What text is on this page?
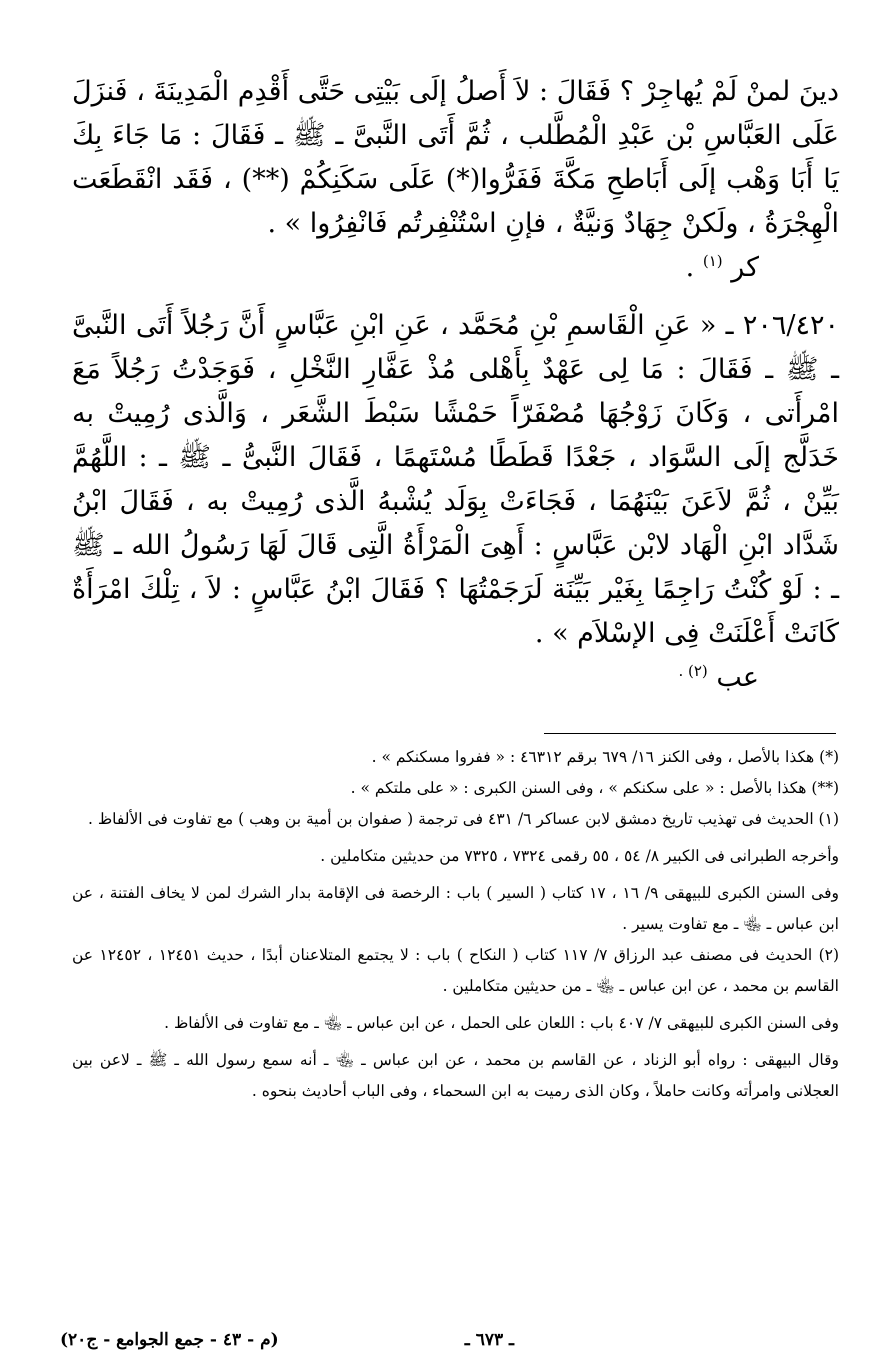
دينَ لمنْ لَمْ يُهاجِرْ ؟ فَقَالَ : لاَ أَصلُ إلَى بَيْتِى حَتَّى أَقْدِم الْمَدِينَةَ ، فَنزَلَ عَلَى العَبَّاسِ بْن عَبْدِ الْمُطَّلب ، ثُمَّ أَتَى النَّبىَّ ـ ﷺ ـ فَقَالَ : مَا جَاءَ بِكَ يَا أَبَا وَهْب إلَى أَبَاطحِ مَكَّةَ فَفَرُّوا(*) عَلَى سَكَنِكُمْ (**) ، فَقَد انْقَطَعَت الْهِجْرَةُ ، ولَكنْ جِهَادٌ وَنيَّةٌ ، فإنِ اسْتُنْفِرتُم فَانْفِرُوا » .

كر $^{(١)}$ .

٢٠٦/٤٢٠ ـ « عَنِ الْقَاسمِ بْنِ مُحَمَّد ، عَنِ ابْنِ عَبَّاسٍ أَنَّ رَجُلاً أَتَى النَّبىَّ ـ ﷺ ـ فَقَالَ : مَا لِى عَهْدٌ بِأَهْلى مُذْ عَفَّارِ النَّخْلِ ، فَوَجَدْتُ رَجُلاً مَعَ امْرأَتى ، وَكَانَ زَوْجُهَا مُصْفَرّاً حَمْشًا سَبْطَ الشَّعَر ، وَالَّذى رُمِيتْ به خَدَلَّج إلَى السَّوَاد ، جَعْدًا قَطَطًا مُسْتَهمًا ، فَقَالَ النَّبىُّ ـ ﷺ ـ : اللَّهُمَّ بَيِّنْ ، ثُمَّ لاَعَنَ بَيْنَهُمَا ، فَجَاءَتْ بِوَلَد يُشْبهُ الَّذى رُمِيتْ به ، فَقَالَ ابْنُ شَدَّاد ابْنِ الْهَاد لابْن عَبَّاسٍ : أَهِىَ الْمَرْأَةُ الَّتِى قَالَ لَهَا رَسُولُ الله ـ ﷺ ـ : لَوْ كُنْتُ رَاجِمًا بِغَيْر بَيِّنَة لَرَجَمْتُهَا ؟ فَقَالَ ابْنُ عَبَّاسٍ : لاَ ، تِلْكَ امْرَأَةٌ كَانَتْ أَعْلَنَتْ فِى الإسْلاَم » .

عب $^{(٢) .}$

(*) هكذا بالأصل ، وفى الكنز ١٦/ ٦٧٩ برقم ٤٦٣١٢ : « ففروا مسكنكم » .

(**) هكذا بالأصل : « على سكنكم » ، وفى السنن الكبرى : « على ملتكم » .

(١) الحديث فى تهذيب تاريخ دمشق لابن عساكر ٦/ ٤٣١ فى ترجمة ( صفوان بن أمية بن وهب ) مع تفاوت فى الألفاظ .

وأخرجه الطبرانى فى الكبير ٨/ ٥٤ ، ٥٥ رقمى ٧٣٢٤ ، ٧٣٢٥ من حديثين متكاملين .

وفى السنن الكبرى للبيهقى ٩/ ١٦ ، ١٧ كتاب ( السير ) باب : الرخصة فى الإقامة بدار الشرك لمن لا يخاف الفتنة ، عن ابن عباس ـ ﵄ ـ مع تفاوت يسير .

(٢) الحديث فى مصنف عبد الرزاق ٧/ ١١٧ كتاب ( النكاح ) باب : لا يجتمع المتلاعنان أبدًا ، حديث ١٢٤٥١ ، ١٢٤٥٢ عن القاسم بن محمد ، عن ابن عباس ـ ﵄ ـ من حديثين متكاملين .

وفى السنن الكبرى للبيهقى ٧/ ٤٠٧ باب : اللعان على الحمل ، عن ابن عباس ـ ﵄ ـ مع تفاوت فى الألفاظ .

وقال البيهقى : رواه أبو الزناد ، عن القاسم بن محمد ، عن ابن عباس ـ ﵄ ـ أنه سمع رسول الله ـ ﷺ ـ لاعن بين العجلانى وامرأته وكانت حاملاً ، وكان الذى رميت به ابن السحماء ، وفى الباب أحاديث بنحوه .

ـ ٦٧٣ ـ
(م - ٤٣ - جمع الجوامع - ج٢٠)
